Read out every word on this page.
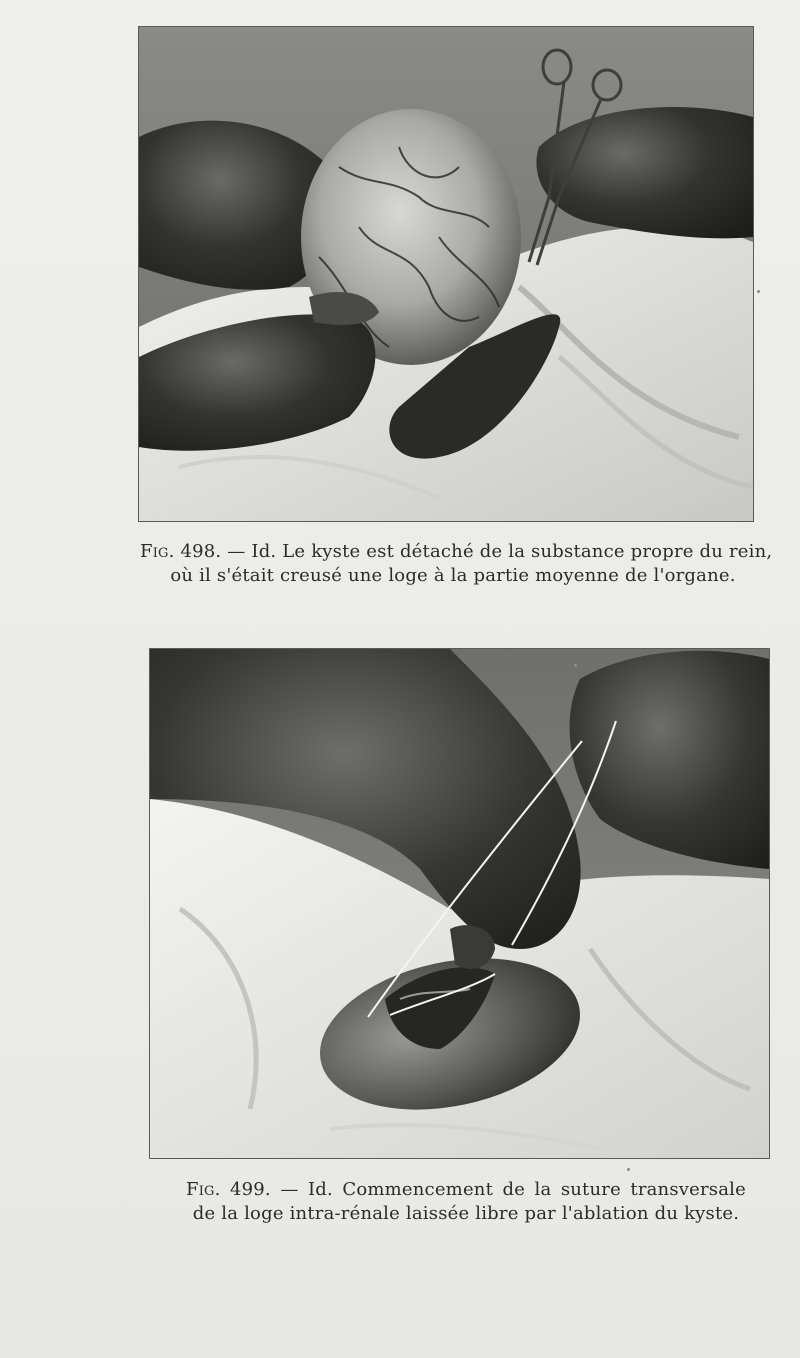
Fig. 498. — Id. Le kyste est détaché de la substance propre du rein,
où il s'était creusé une loge à la partie moyenne de l'organe.
Fig. 499. — Id. Commencement de la suture transversale
de la loge intra-rénale laissée libre par l'ablation du kyste.
